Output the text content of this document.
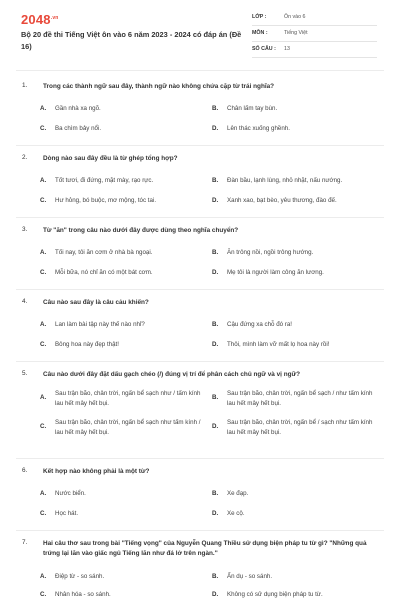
$2048^{.vn}$
Bộ 20 đề thi Tiếng Việt ôn vào 6 năm 2023 - 2024 có đáp án (Đề 16)
LỚP :	Ôn vào 6
MÔN :	Tiếng Việt
SỐ CÂU : 13
1. Trong các thành ngữ sau đây, thành ngữ nào không chứa cặp từ trái nghĩa?
A. Gần nhà xa ngõ.	B. Chân lấm tay bùn.
C. Ba chìm bảy nổi.	D. Lên thác xuống ghềnh.
2. Dòng nào sau đây đều là từ ghép tổng hợp?
A. Tốt tươi, đi đứng, mặt mày, rạo rực.	B. Đàn bầu, lạnh lùng, nhỏ nhặt, nấu nướng.
C. Hư hỏng, bó buộc, mơ mộng, tóc tai.	D. Xanh xao, bạt bèo, yêu thương, đào đế.
3. Từ "ăn" trong câu nào dưới đây được dùng theo nghĩa chuyển?
A. Tối nay, tôi ăn cơm ở nhà bà ngoại.	B. Ăn trông nồi, ngồi trông hướng.
C. Mỗi bữa, nó chỉ ăn có một bát cơm.	D. Mẹ tôi là người làm công ăn lương.
4. Câu nào sau đây là câu cảu khiến?
A. Lan làm bài tập này thế nào nhỉ?	B. Cậu đứng xa chỗ đó ra!
C. Bông hoa này đẹp thật!	D. Thôi, mình làm vỡ mất lọ hoa này rồi!
5. Câu nào dưới đây đặt dấu gạch chéo (/) đúng vị trí để phân cách chủ ngữ và vị ngữ?
A.
Sau trận bão, chân trời, ngấn bể sạch như / tấm kính lau hết mây hết bụi.
B.
Sau trận bão, chân trời, ngấn bể sạch / như tấm kính lau hết mây hết bụi.
C.
Sau trận bão, chân trời, ngấn bể sạch như tấm kính / lau hết mây hết bụi.
D.
Sau trận bão, chân trời, ngấn bể / sạch như tấm kính lau hết mây hết bụi.
6. Kết hợp nào không phải là một từ?
A. Nước biển.	B. Xe đạp.
C. Học hát.	D. Xe cộ.
7. Hai câu thơ sau trong bài "Tiếng vọng" của Nguyễn Quang Thiều sử dụng biện pháp tu từ gì? "Những quả trứng lại lăn vào giấc ngủ Tiếng lăn như đá lở trên ngàn."
A. Điệp từ - so sánh.	B. Ẩn dụ - so sánh.
C. Nhân hóa - so sánh.	D. Không có sử dụng biện pháp tu từ.
